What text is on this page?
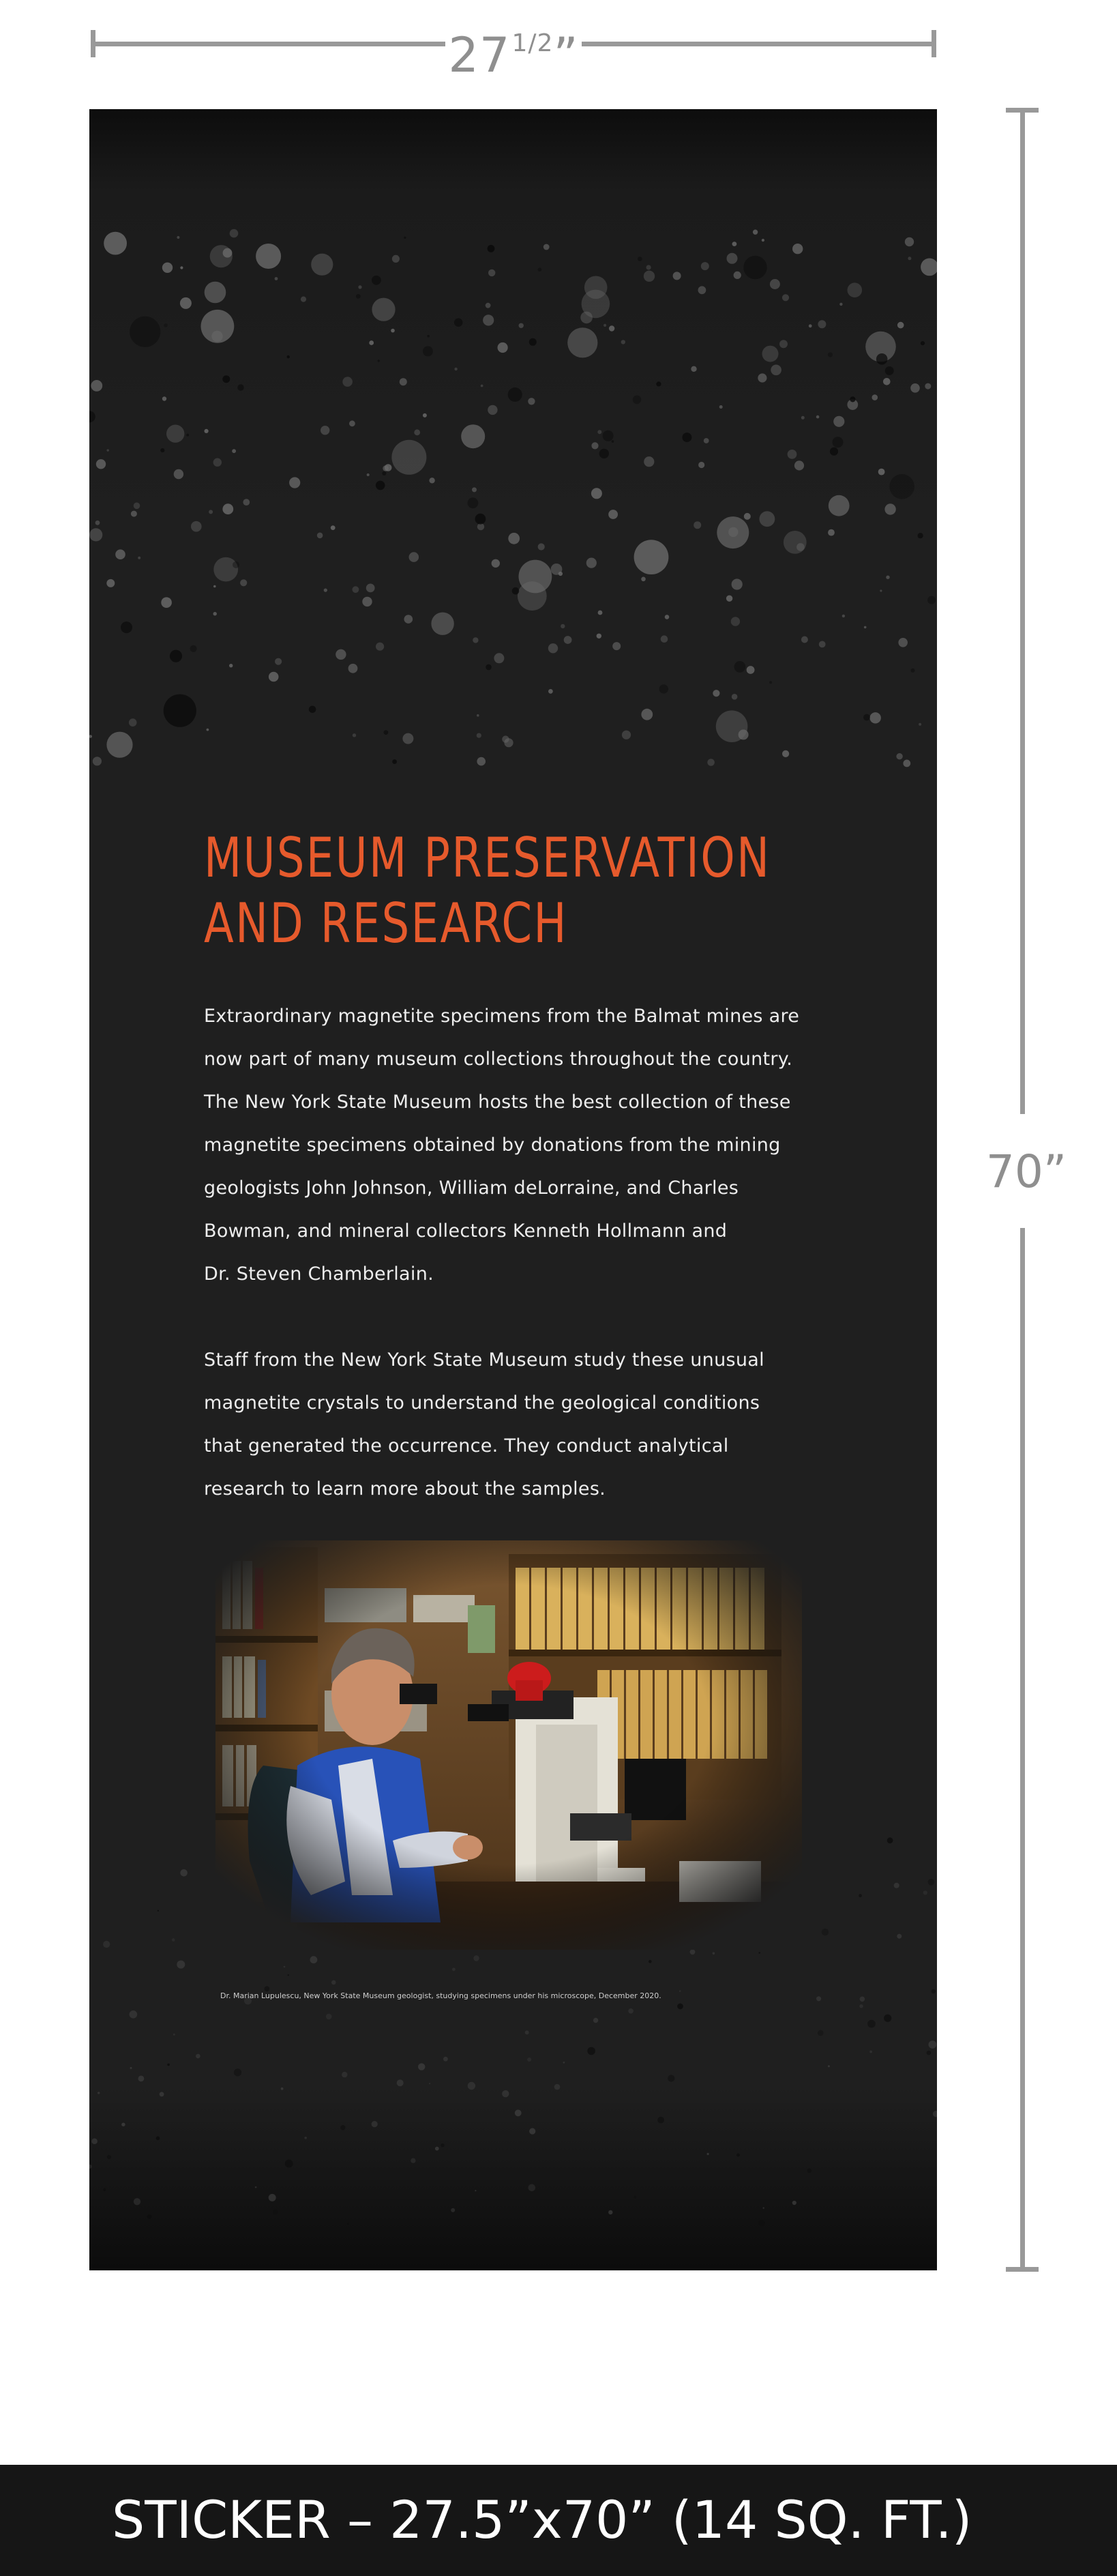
$27^{1/2}$”
70”
MUSEUM PRESERVATION
AND RESEARCH

Extraordinary magnetite specimens from the Balmat mines are
now part of many museum collections throughout the country.
The New York State Museum hosts the best collection of these
magnetite specimens obtained by donations from the mining
geologists John Johnson, William deLorraine, and Charles
Bowman, and mineral collectors Kenneth Hollmann and
Dr. Steven Chamberlain.

Staff from the New York State Museum study these unusual
magnetite crystals to understand the geological conditions
that generated the occurrence. They conduct analytical
research to learn more about the samples.

Dr. Marian Lupulescu, New York State Museum geologist, studying specimens under his microscope, December 2020.
STICKER – 27.5”x70” (14 SQ. FT.)
